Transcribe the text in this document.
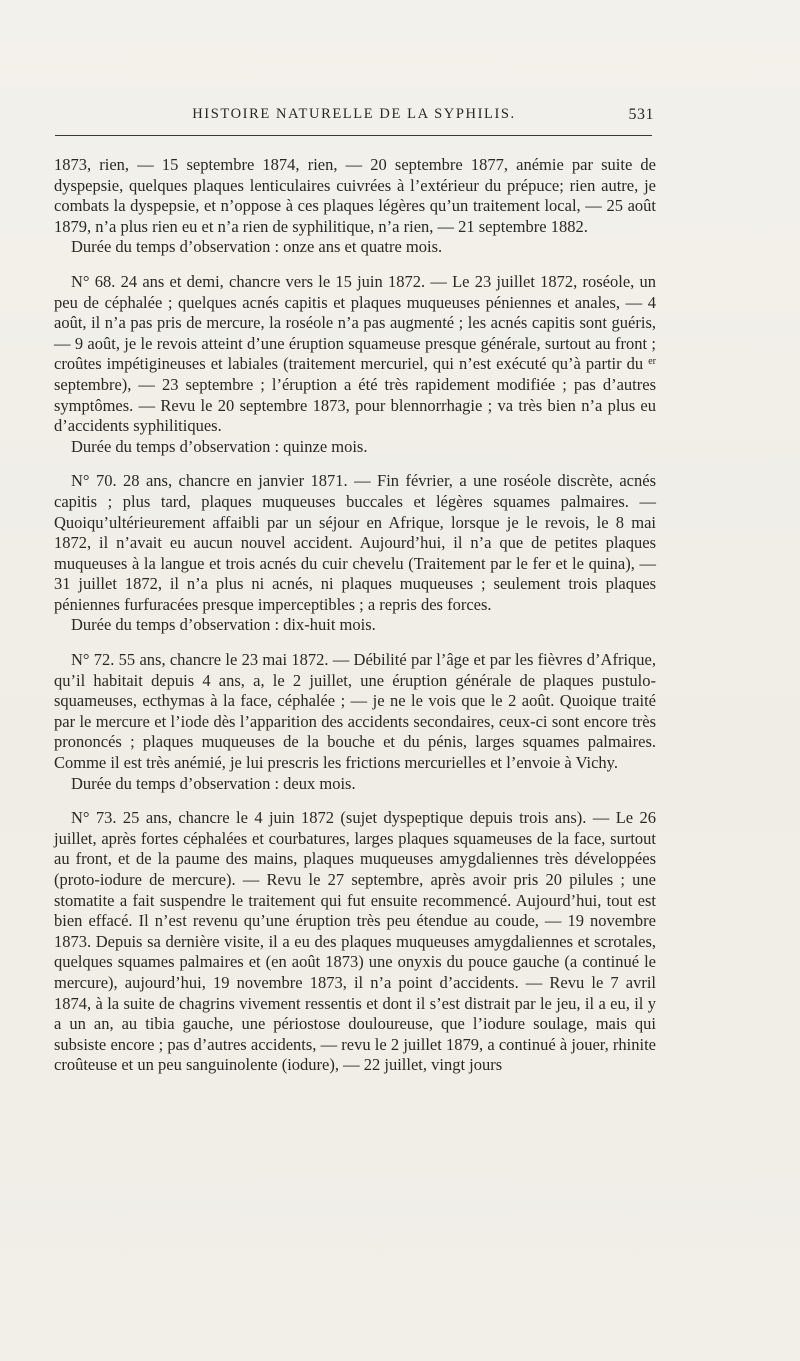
HISTOIRE NATURELLE DE LA SYPHILIS.	531

1873, rien, — 15 septembre 1874, rien, — 20 septembre 1877, anémie par suite de dyspepsie, quelques plaques lenticulaires cuivrées à l’extérieur du prépuce; rien autre, je combats la dyspepsie, et n’oppose à ces plaques légères qu’un traitement local, — 25 août 1879, n’a plus rien eu et n’a rien de syphilitique, n’a rien, — 21 septembre 1882.

Durée du temps d’observation : onze ans et quatre mois.

N° 68. 24 ans et demi, chancre vers le 15 juin 1872. — Le 23 juillet 1872, roséole, un peu de céphalée ; quelques acnés capitis et plaques muqueuses péniennes et anales, — 4 août, il n’a pas pris de mercure, la roséole n’a pas augmenté ; les acnés capitis sont guéris, — 9 août, je le revois atteint d’une éruption squameuse presque générale, surtout au front ; croûtes impétigineuses et labiales (traitement mercuriel, qui n’est exécuté qu’à partir du $^{er}$ septembre), — 23 septembre ; l’éruption a été très rapidement modifiée ; pas d’autres symptômes. — Revu le 20 septembre 1873, pour blennorrhagie ; va très bien n’a plus eu d’accidents syphilitiques.

Durée du temps d’observation : quinze mois.

N° 70. 28 ans, chancre en janvier 1871. — Fin février, a une roséole discrète, acnés capitis ; plus tard, plaques muqueuses buccales et légères squames palmaires. — Quoiqu’ultérieurement affaibli par un séjour en Afrique, lorsque je le revois, le 8 mai 1872, il n’avait eu aucun nouvel accident. Aujourd’hui, il n’a que de petites plaques muqueuses à la langue et trois acnés du cuir chevelu (Traitement par le fer et le quina), — 31 juillet 1872, il n’a plus ni acnés, ni plaques muqueuses ; seulement trois plaques péniennes furfuracées presque imperceptibles ; a repris des forces.

Durée du temps d’observation : dix-huit mois.

N° 72. 55 ans, chancre le 23 mai 1872. — Débilité par l’âge et par les fièvres d’Afrique, qu’il habitait depuis 4 ans, a, le 2 juillet, une éruption générale de plaques pustulo-squameuses, ecthymas à la face, céphalée ; — je ne le vois que le 2 août. Quoique traité par le mercure et l’iode dès l’apparition des accidents secondaires, ceux-ci sont encore très prononcés ; plaques muqueuses de la bouche et du pénis, larges squames palmaires. Comme il est très anémié, je lui prescris les frictions mercurielles et l’envoie à Vichy.

Durée du temps d’observation : deux mois.

N° 73. 25 ans, chancre le 4 juin 1872 (sujet dyspeptique depuis trois ans). — Le 26 juillet, après fortes céphalées et courbatures, larges plaques squameuses de la face, surtout au front, et de la paume des mains, plaques muqueuses amygdaliennes très développées (proto-iodure de mercure). — Revu le 27 septembre, après avoir pris 20 pilules ; une stomatite a fait suspendre le traitement qui fut ensuite recommencé. Aujourd’hui, tout est bien effacé. Il n’est revenu qu’une éruption très peu étendue au coude, — 19 novembre 1873. Depuis sa dernière visite, il a eu des plaques muqueuses amygdaliennes et scrotales, quelques squames palmaires et (en août 1873) une onyxis du pouce gauche (a continué le mercure), aujourd’hui, 19 novembre 1873, il n’a point d’accidents. — Revu le 7 avril 1874, à la suite de chagrins vivement ressentis et dont il s’est distrait par le jeu, il a eu, il y a un an, au tibia gauche, une périostose douloureuse, que l’iodure soulage, mais qui subsiste encore ; pas d’autres accidents, — revu le 2 juillet 1879, a continué à jouer, rhinite croûteuse et un peu sanguinolente (iodure), — 22 juillet, vingt jours
